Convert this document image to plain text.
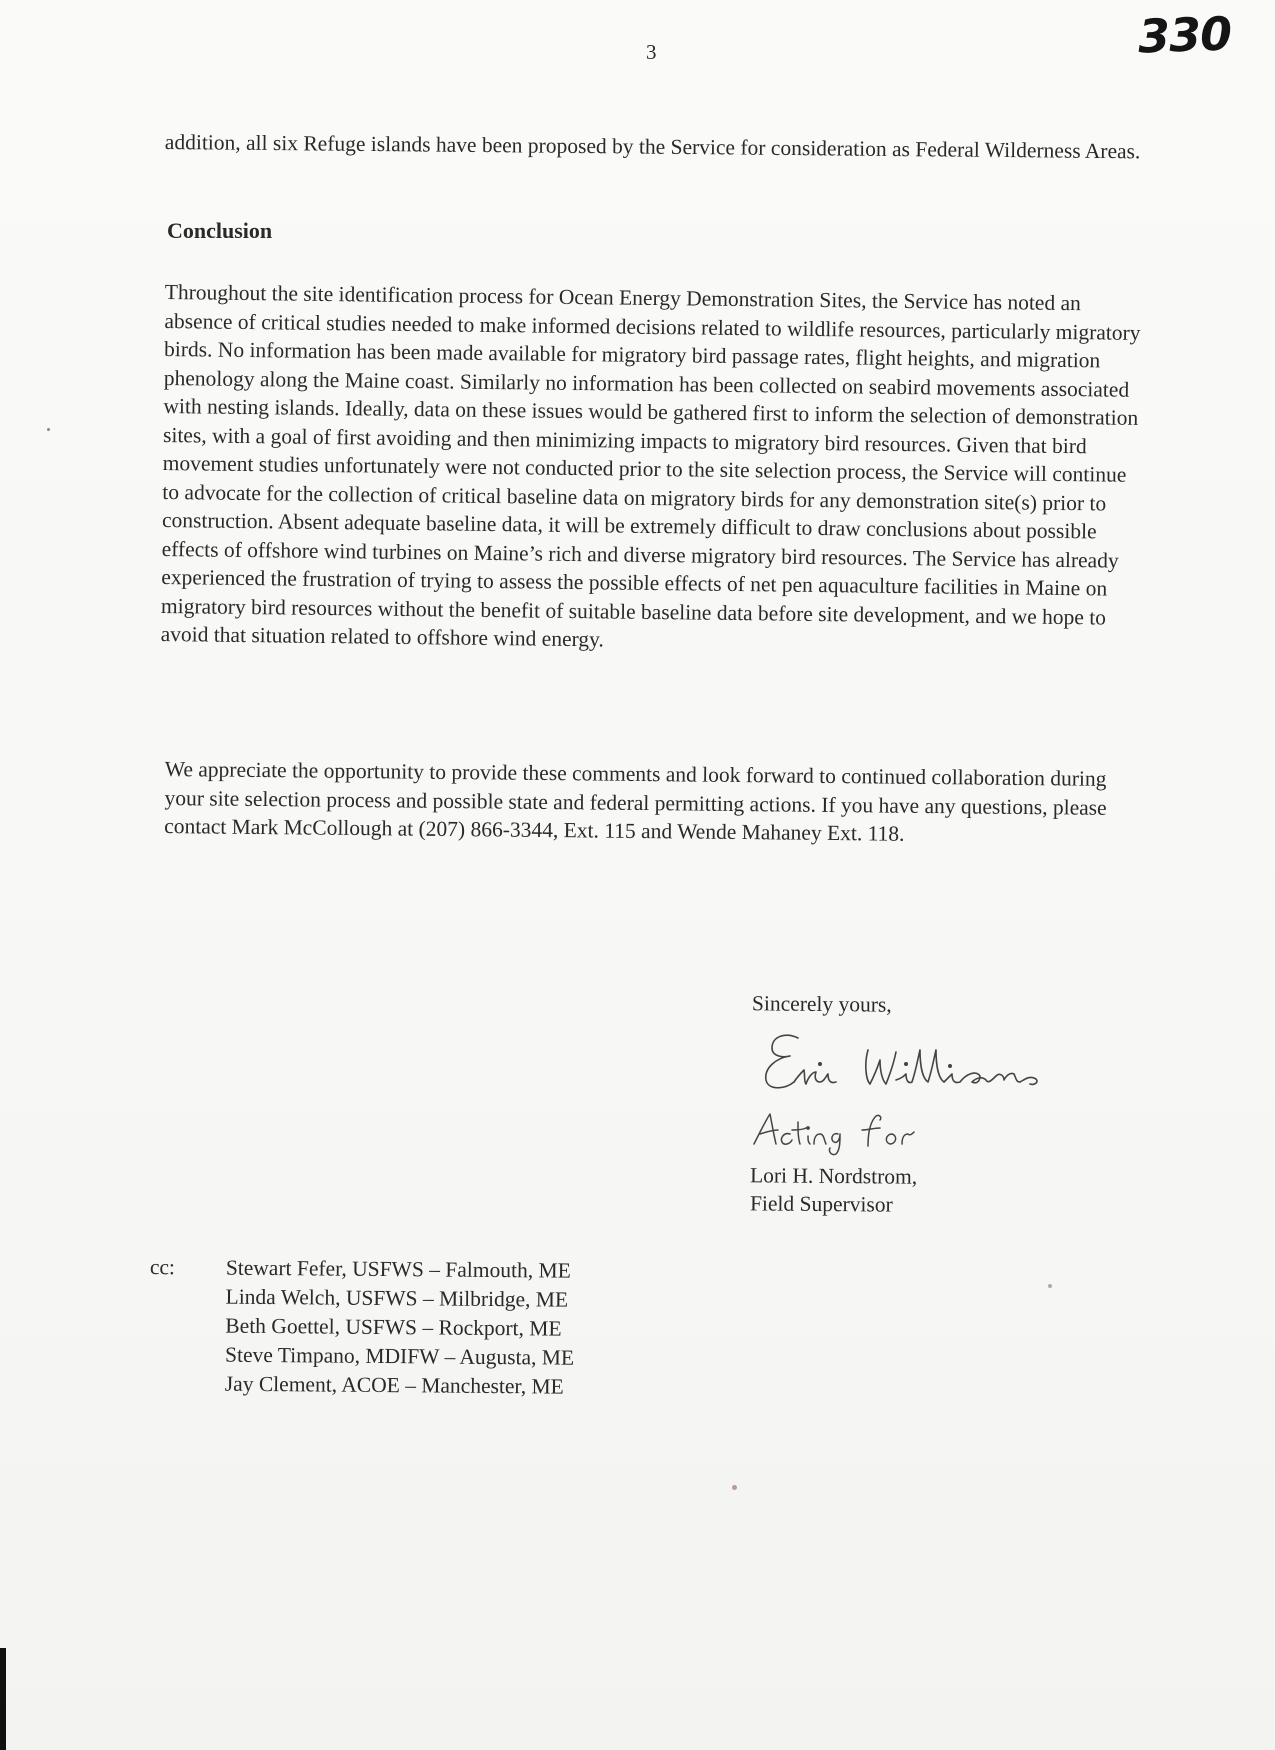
3	330

addition, all six Refuge islands have been proposed by the Service for consideration as Federal Wilderness Areas.

Conclusion

Throughout the site identification process for Ocean Energy Demonstration Sites, the Service has noted an absence of critical studies needed to make informed decisions related to wildlife resources, particularly migratory birds. No information has been made available for migratory bird passage rates, flight heights, and migration phenology along the Maine coast. Similarly no information has been collected on seabird movements associated with nesting islands. Ideally, data on these issues would be gathered first to inform the selection of demonstration sites, with a goal of first avoiding and then minimizing impacts to migratory bird resources. Given that bird movement studies unfortunately were not conducted prior to the site selection process, the Service will continue to advocate for the collection of critical baseline data on migratory birds for any demonstration site(s) prior to construction. Absent adequate baseline data, it will be extremely difficult to draw conclusions about possible effects of offshore wind turbines on Maine’s rich and diverse migratory bird resources. The Service has already experienced the frustration of trying to assess the possible effects of net pen aquaculture facilities in Maine on migratory bird resources without the benefit of suitable baseline data before site development, and we hope to avoid that situation related to offshore wind energy.

We appreciate the opportunity to provide these comments and look forward to continued collaboration during your site selection process and possible state and federal permitting actions. If you have any questions, please contact Mark McCollough at (207) 866-3344, Ext. 115 and Wende Mahaney Ext. 118.

Sincerely yours,
Lori H. Nordstrom,
Field Supervisor
cc: Stewart Fefer, USFWS – Falmouth, ME
Linda Welch, USFWS – Milbridge, ME
Beth Goettel, USFWS – Rockport, ME
Steve Timpano, MDIFW – Augusta, ME
Jay Clement, ACOE – Manchester, ME
